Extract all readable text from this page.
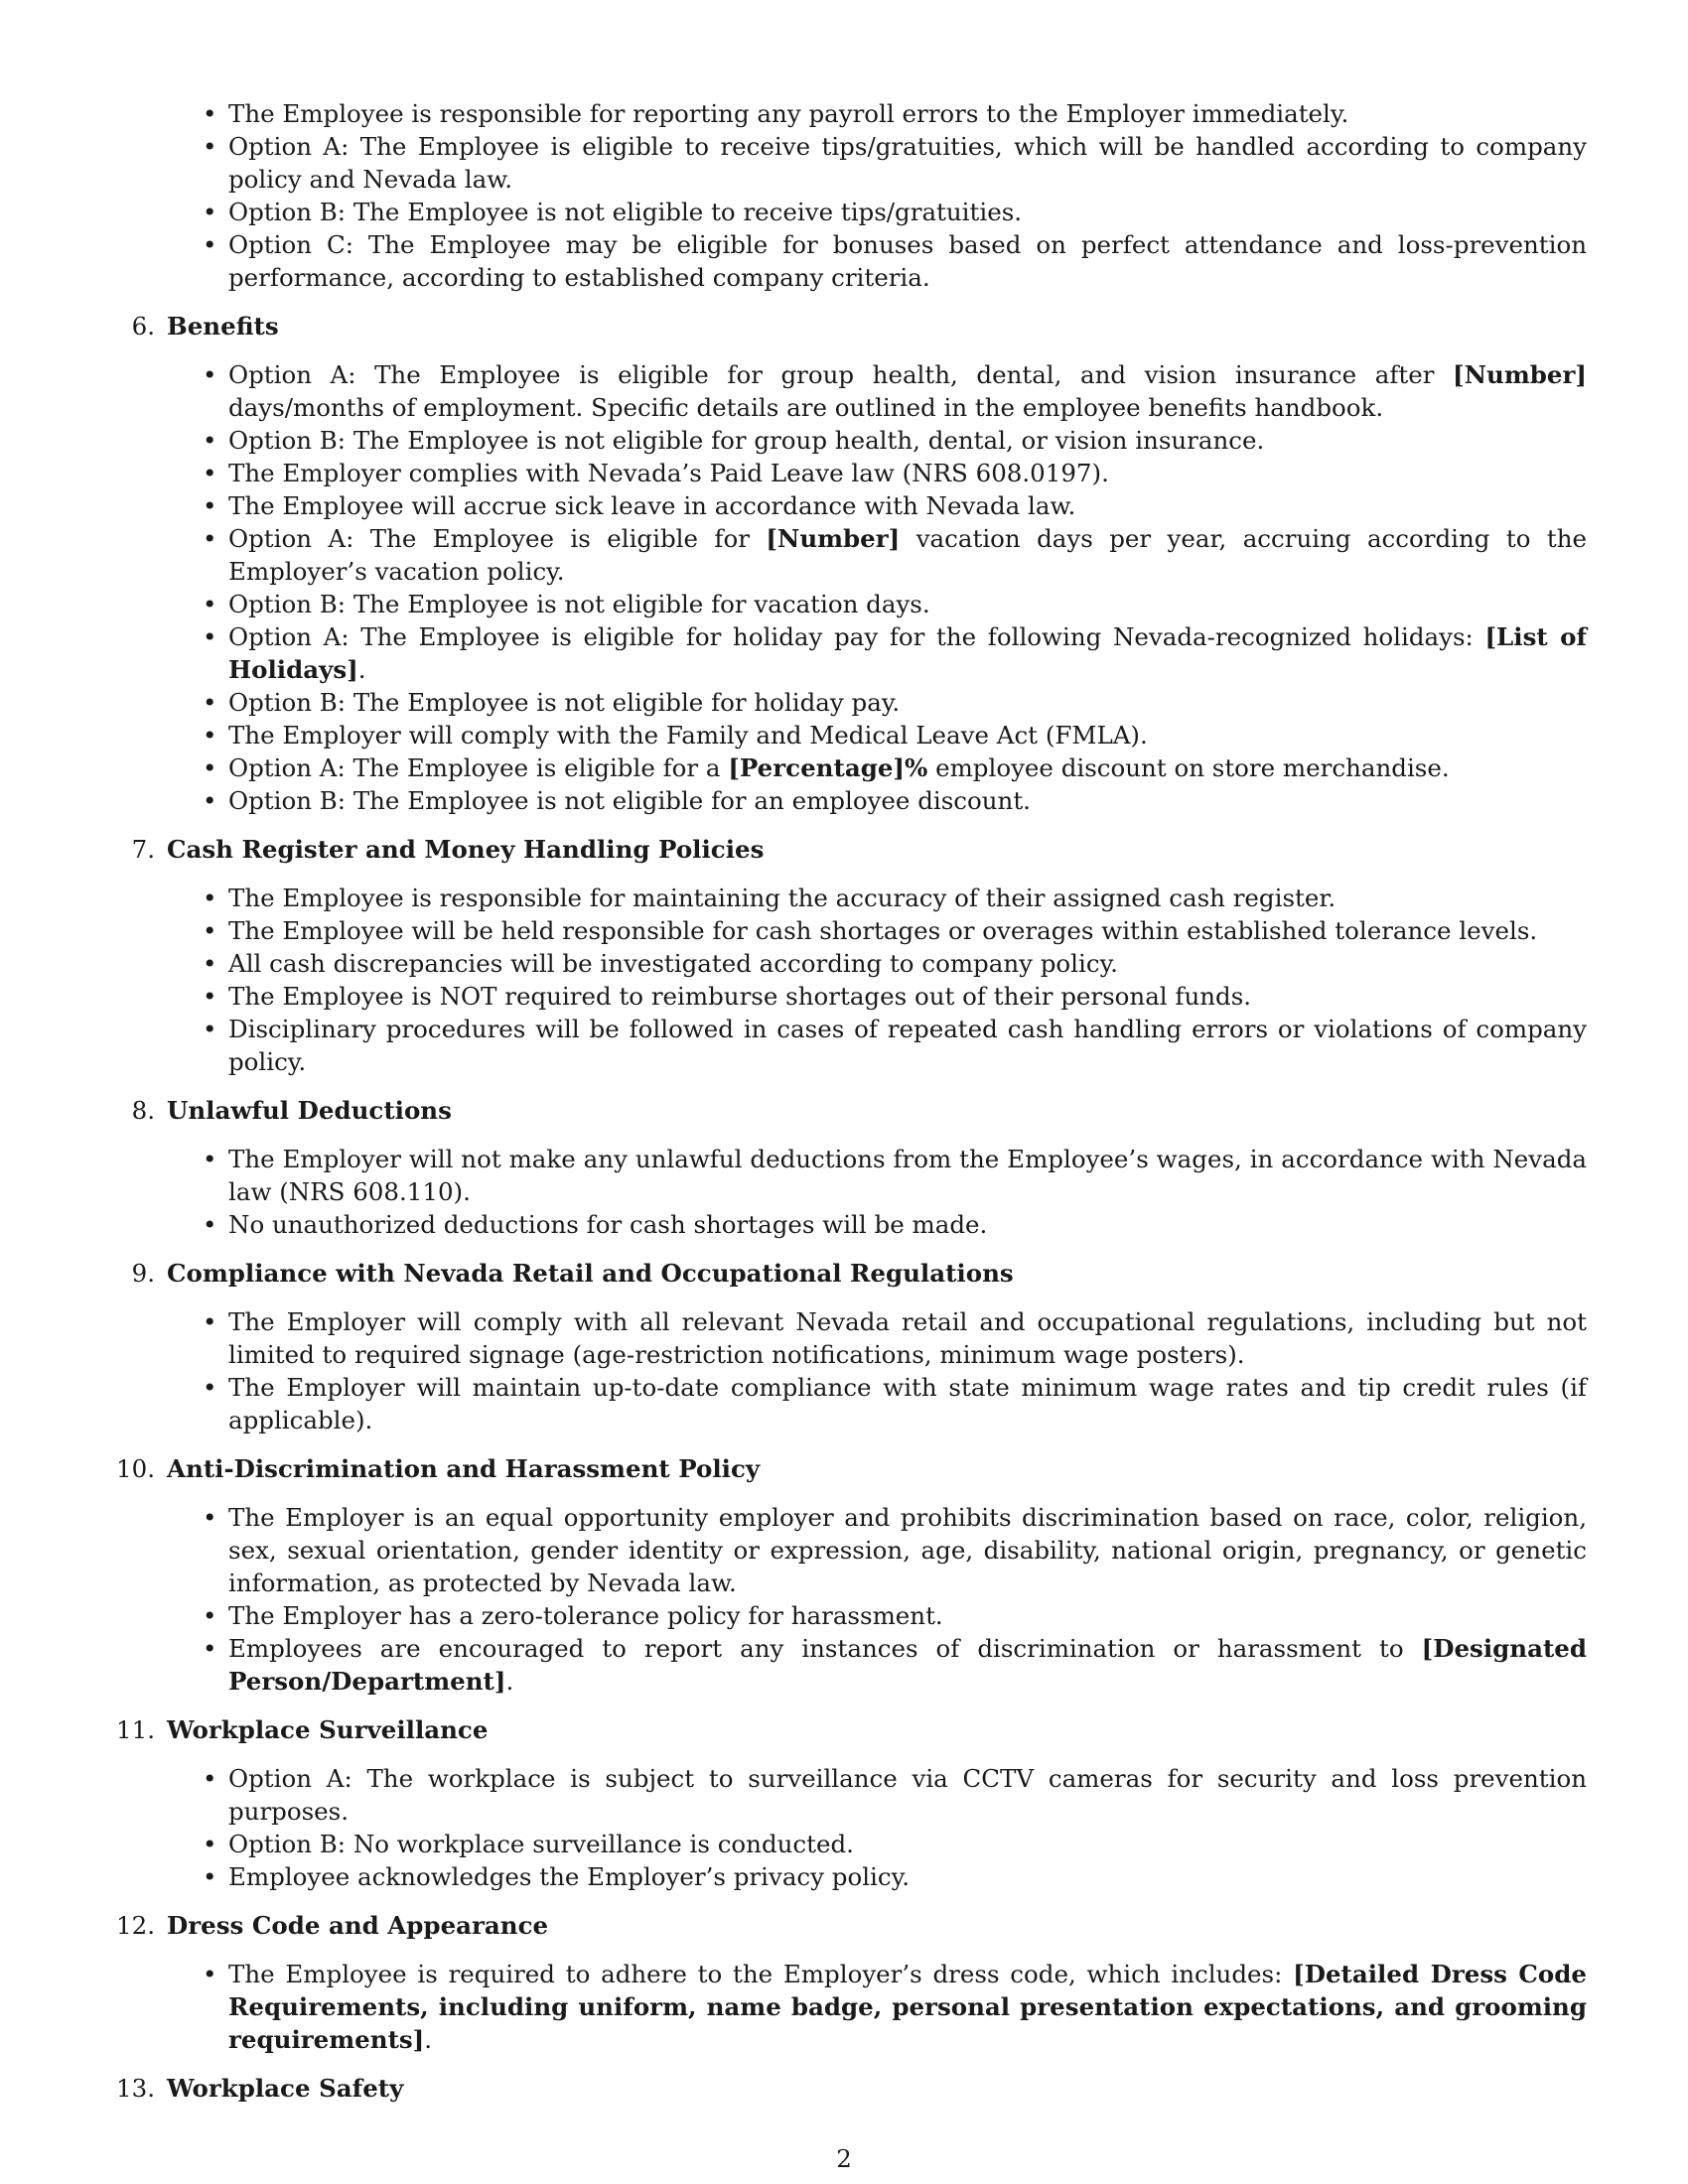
• The Employee is responsible for reporting any payroll errors to the Employer immediately.
• Option A: The Employee is eligible to receive tips/gratuities, which will be handled according to company policy and Nevada law.
• Option B: The Employee is not eligible to receive tips/gratuities.
• Option C: The Employee may be eligible for bonuses based on perfect attendance and loss-prevention performance, according to established company criteria.
6. Benefits
• Option A: The Employee is eligible for group health, dental, and vision insurance after [Number] days/months of employment. Specific details are outlined in the employee benefits handbook.
• Option B: The Employee is not eligible for group health, dental, or vision insurance.
• The Employer complies with Nevada’s Paid Leave law (NRS 608.0197).
• The Employee will accrue sick leave in accordance with Nevada law.
• Option A: The Employee is eligible for [Number] vacation days per year, accruing according to the Employer’s vacation policy.
• Option B: The Employee is not eligible for vacation days.
• Option A: The Employee is eligible for holiday pay for the following Nevada-recognized holidays: [List of Holidays].
• Option B: The Employee is not eligible for holiday pay.
• The Employer will comply with the Family and Medical Leave Act (FMLA).
• Option A: The Employee is eligible for a [Percentage]% employee discount on store merchandise.
• Option B: The Employee is not eligible for an employee discount.
7. Cash Register and Money Handling Policies
• The Employee is responsible for maintaining the accuracy of their assigned cash register.
• The Employee will be held responsible for cash shortages or overages within established tolerance levels.
• All cash discrepancies will be investigated according to company policy.
• The Employee is NOT required to reimburse shortages out of their personal funds.
• Disciplinary procedures will be followed in cases of repeated cash handling errors or violations of company policy.
8. Unlawful Deductions
• The Employer will not make any unlawful deductions from the Employee’s wages, in accordance with Nevada law (NRS 608.110).
• No unauthorized deductions for cash shortages will be made.
9. Compliance with Nevada Retail and Occupational Regulations
• The Employer will comply with all relevant Nevada retail and occupational regulations, including but not limited to required signage (age-restriction notifications, minimum wage posters).
• The Employer will maintain up-to-date compliance with state minimum wage rates and tip credit rules (if applicable).
10. Anti-Discrimination and Harassment Policy
• The Employer is an equal opportunity employer and prohibits discrimination based on race, color, religion, sex, sexual orientation, gender identity or expression, age, disability, national origin, pregnancy, or genetic information, as protected by Nevada law.
• The Employer has a zero-tolerance policy for harassment.
• Employees are encouraged to report any instances of discrimination or harassment to [Designated Person/Department].
11. Workplace Surveillance
• Option A: The workplace is subject to surveillance via CCTV cameras for security and loss prevention purposes.
• Option B: No workplace surveillance is conducted.
• Employee acknowledges the Employer’s privacy policy.
12. Dress Code and Appearance
• The Employee is required to adhere to the Employer’s dress code, which includes: [Detailed Dress Code Requirements, including uniform, name badge, personal presentation expectations, and grooming requirements].
13. Workplace Safety
2
